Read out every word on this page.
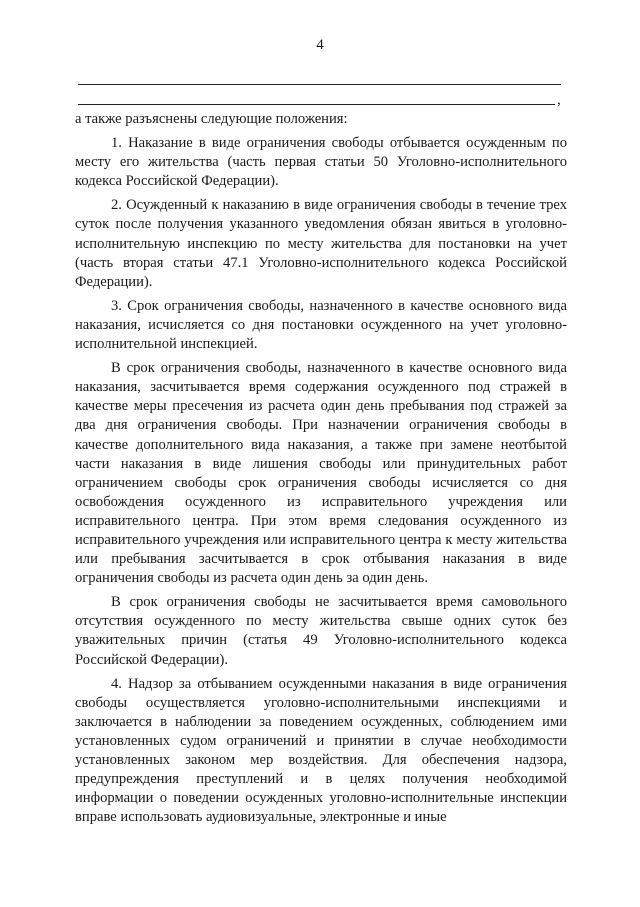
4
,

а также разъяснены следующие положения:

1. Наказание в виде ограничения свободы отбывается осужденным по месту его жительства (часть первая статьи 50 Уголовно-исполнительного кодекса Российской Федерации).

2. Осужденный к наказанию в виде ограничения свободы в течение трех суток после получения указанного уведомления обязан явиться в уголовно-исполнительную инспекцию по месту жительства для постановки на учет (часть вторая статьи 47.1 Уголовно-исполнительного кодекса Российской Федерации).

3. Срок ограничения свободы, назначенного в качестве основного вида наказания, исчисляется со дня постановки осужденного на учет уголовно-исполнительной инспекцией.

В срок ограничения свободы, назначенного в качестве основного вида наказания, засчитывается время содержания осужденного под стражей в качестве меры пресечения из расчета один день пребывания под стражей за два дня ограничения свободы. При назначении ограничения свободы в качестве дополнительного вида наказания, а также при замене неотбытой части наказания в виде лишения свободы или принудительных работ ограничением свободы срок ограничения свободы исчисляется со дня освобождения осужденного из исправительного учреждения или исправительного центра. При этом время следования осужденного из исправительного учреждения или исправительного центра к месту жительства или пребывания засчитывается в срок отбывания наказания в виде ограничения свободы из расчета один день за один день.

В срок ограничения свободы не засчитывается время самовольного отсутствия осужденного по месту жительства свыше одних суток без уважительных причин (статья 49 Уголовно-исполнительного кодекса Российской Федерации).

4. Надзор за отбыванием осужденными наказания в виде ограничения свободы осуществляется уголовно-исполнительными инспекциями и заключается в наблюдении за поведением осужденных, соблюдением ими установленных судом ограничений и принятии в случае необходимости установленных законом мер воздействия. Для обеспечения надзора, предупреждения преступлений и в целях получения необходимой информации о поведении осужденных уголовно-исполнительные инспекции вправе использовать аудиовизуальные, электронные и иные
